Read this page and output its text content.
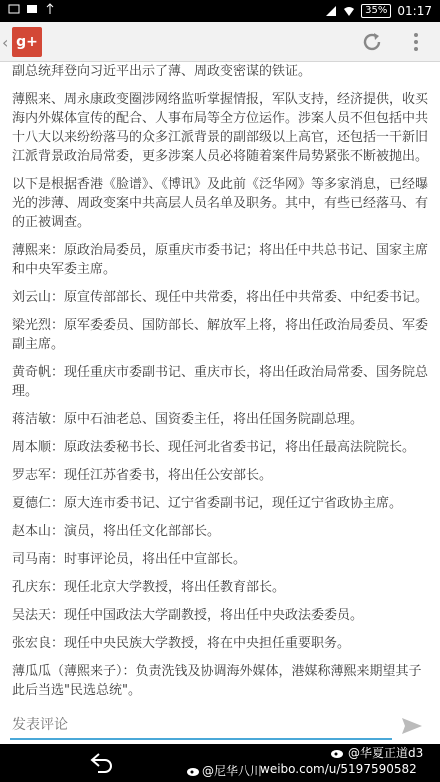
35% 01:17
‹ g+

副总统拜登向习近平出示了薄、周政变密谋的铁证。

薄熙来、周永康政变圈涉网络监听掌握情报，军队支持，经济提供，收买海内外媒体宣传的配合、人事布局等全方位运作。涉案人员不但包括中共十八大以来纷纷落马的众多江派背景的副部级以上高官，还包括一干新旧江派背景政治局常委，更多涉案人员必将随着案件局势紧张不断被抛出。

以下是根据香港《脸谱》、《博讯》及此前《泛华网》等多家消息，已经曝光的涉薄、周政变案中共高层人员名单及职务。其中，有些已经落马、有的正被调查。

薄熙来：原政治局委员，原重庆市委书记；将出任中共总书记、国家主席和中央军委主席。

刘云山：原宣传部部长、现任中共常委，将出任中共常委、中纪委书记。

梁光烈：原军委委员、国防部长、解放军上将，将出任政治局委员、军委副主席。

黄奇帆：现任重庆市委副书记、重庆市长，将出任政治局常委、国务院总理。

蒋洁敏：原中石油老总、国资委主任，将出任国务院副总理。

周本顺：原政法委秘书长、现任河北省委书记，将出任最高法院院长。

罗志军：现任江苏省委书，将出任公安部长。

夏德仁：原大连市委书记、辽宁省委副书记，现任辽宁省政协主席。

赵本山：演员，将出任文化部部长。

司马南：时事评论员，将出任中宣部长。

孔庆东：现任北京大学教授，将出任教育部长。

吴法天：现任中国政法大学副教授，将出任中央政法委委员。

张宏良：现任中央民族大学教授，将在中央担任重要职务。

薄瓜瓜（薄熙来子）：负责洗钱及协调海外媒体，港媒称薄熙来期望其子此后当选"民选总统"。

发表评论
@华夏正道d3
@尼华八川
weibo.com/u/5197590582
